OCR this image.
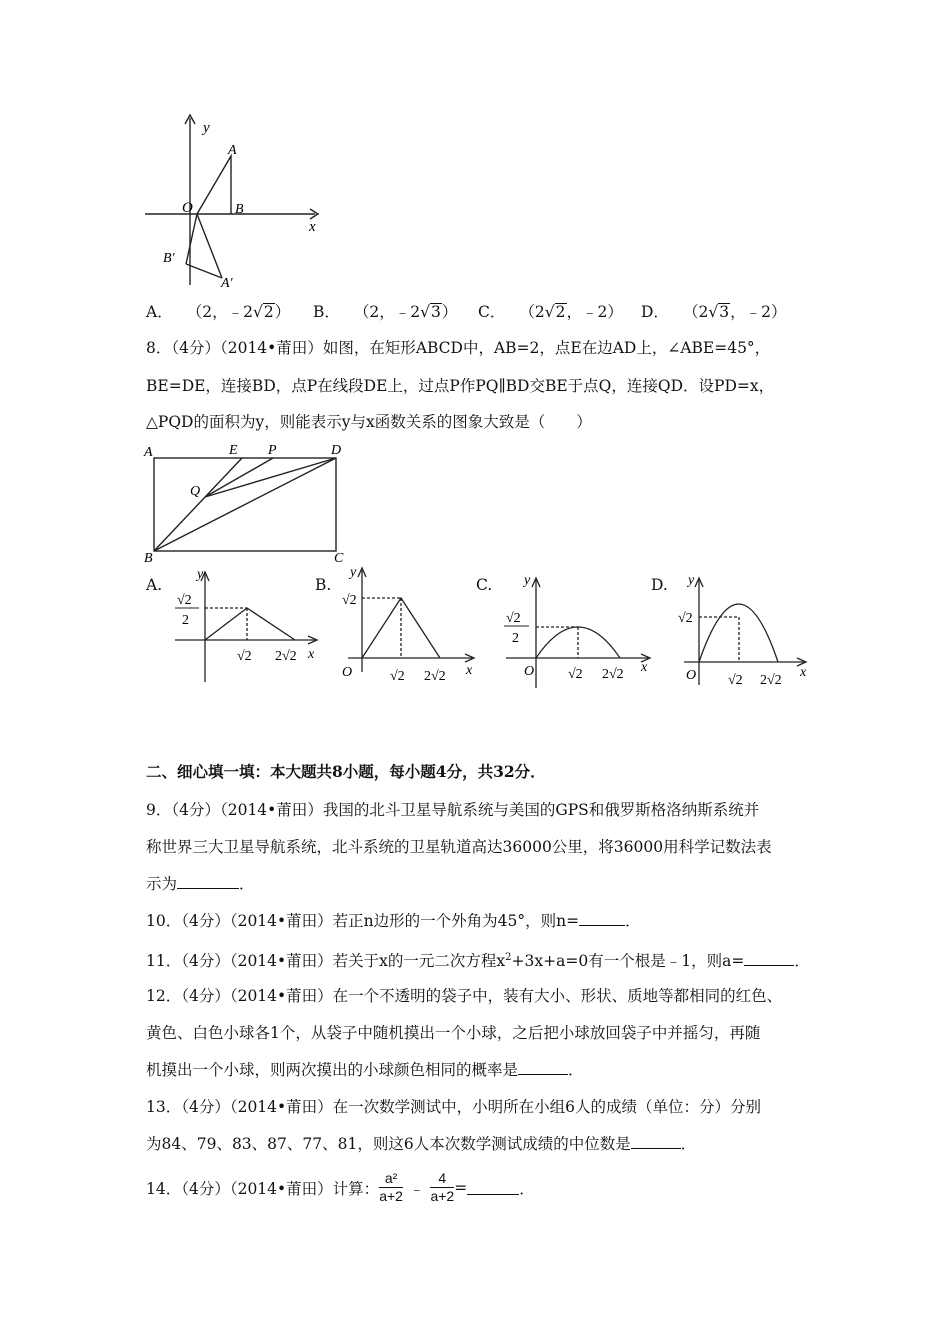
y
A
O	B
x
B′
A′
A． （2，﹣2√2） B． （2，﹣2√3） C． （2√2，﹣2） D． （2√3，﹣2）
8．（4分）（2014•莆田）如图，在矩形ABCD中，AB=2，点E在边AD上，∠ABE=45°，
BE=DE，连接BD，点P在线段DE上，过点P作PQ∥BD交BE于点Q，连接QD．设PD=x，
△PQD的面积为y，则能表示y与x函数关系的图象大致是（　　）
A	E P	D
Q
B	C
A.
y
x
√2
2
√2 2√2
B.
y
x
√2
O	√2 2√2
C. y
x
√2
2
O √2 2√2
D. y
x
√2
O √2 2√2
二、细心填一填：本大题共8小题，每小题4分，共32分．
9．（4分）（2014•莆田）我国的北斗卫星导航系统与美国的GPS和俄罗斯格洛纳斯系统并
称世界三大卫星导航系统，北斗系统的卫星轨道高达36000公里，将36000用科学记数法表
示为	．
10．（4分）（2014•莆田）若正n边形的一个外角为45°，则n=	．
11．（4分）（2014•莆田）若关于x的一元二次方程$x^2+3x+a=0$有一个根是﹣1，则a=	．
12．（4分）（2014•莆田）在一个不透明的袋子中，装有大小、形状、质地等都相同的红色、
黄色、白色小球各1个，从袋子中随机摸出一个小球，之后把小球放回袋子中并摇匀，再随
机摸出一个小球，则两次摸出的小球颜色相同的概率是	．
13．（4分）（2014•莆田）在一次数学测试中，小明所在小组6人的成绩（单位：分）分别
为84、79、83、87、77、81，则这6人本次数学测试成绩的中位数是	．
14．（4分）（2014•莆田）计算： $\frac{\text{a²}}{a+2}$ ﹣ $\frac{4}{a+2}$ =	．
